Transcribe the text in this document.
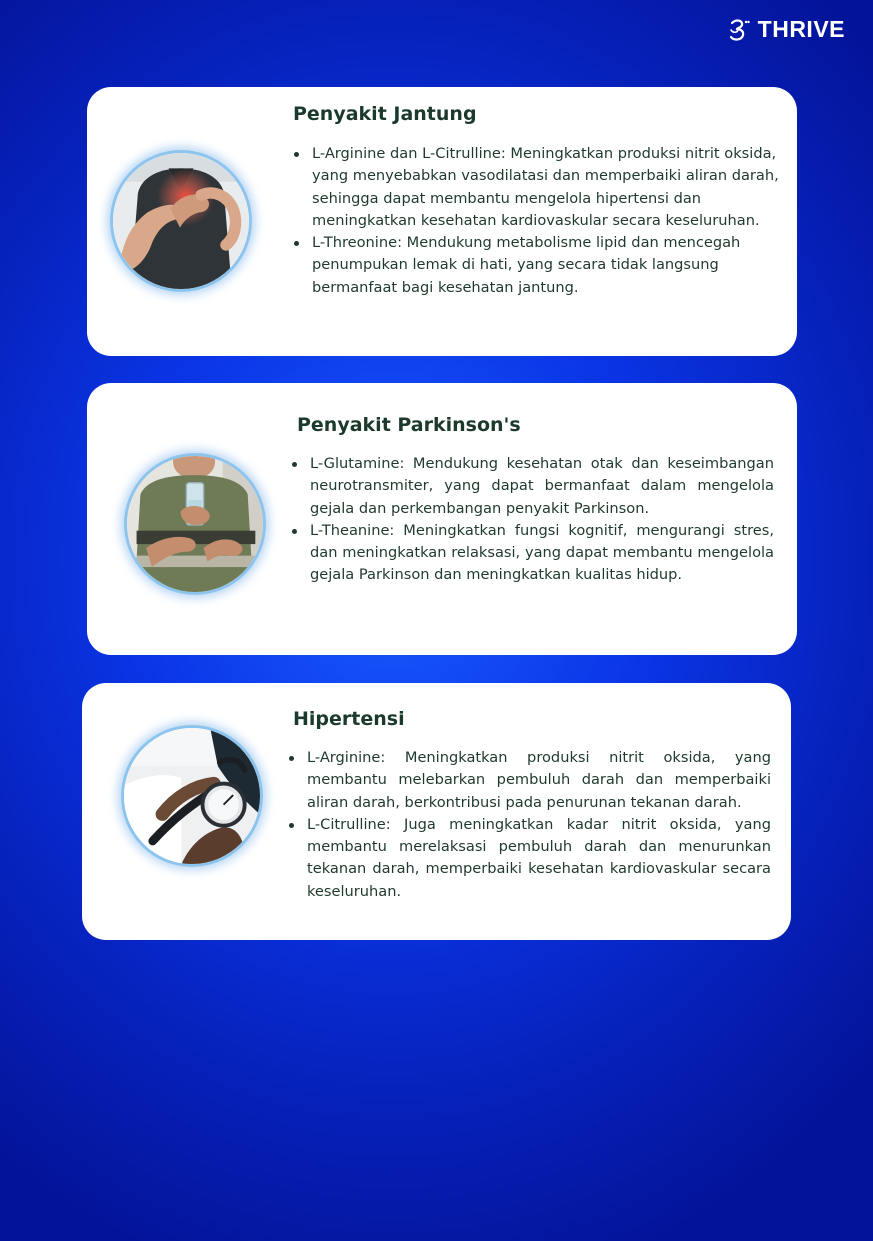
THRIVE
Penyakit Jantung
L-Arginine dan L-Citrulline: Meningkatkan produksi nitrit oksida, yang menyebabkan vasodilatasi dan memperbaiki aliran darah, sehingga dapat membantu mengelola hipertensi dan meningkatkan kesehatan kardiovaskular secara keseluruhan.
L-Threonine: Mendukung metabolisme lipid dan mencegah penumpukan lemak di hati, yang secara tidak langsung bermanfaat bagi kesehatan jantung.
Penyakit Parkinson's
L-Glutamine: Mendukung kesehatan otak dan keseimbangan neurotransmiter, yang dapat bermanfaat dalam mengelola gejala dan perkembangan penyakit Parkinson.
L-Theanine: Meningkatkan fungsi kognitif, mengurangi stres, dan meningkatkan relaksasi, yang dapat membantu mengelola gejala Parkinson dan meningkatkan kualitas hidup.
Hipertensi
L-Arginine: Meningkatkan produksi nitrit oksida, yang membantu melebarkan pembuluh darah dan memperbaiki aliran darah, berkontribusi pada penurunan tekanan darah.
L-Citrulline: Juga meningkatkan kadar nitrit oksida, yang membantu merelaksasi pembuluh darah dan menurunkan tekanan darah, memperbaiki kesehatan kardiovaskular secara keseluruhan.
